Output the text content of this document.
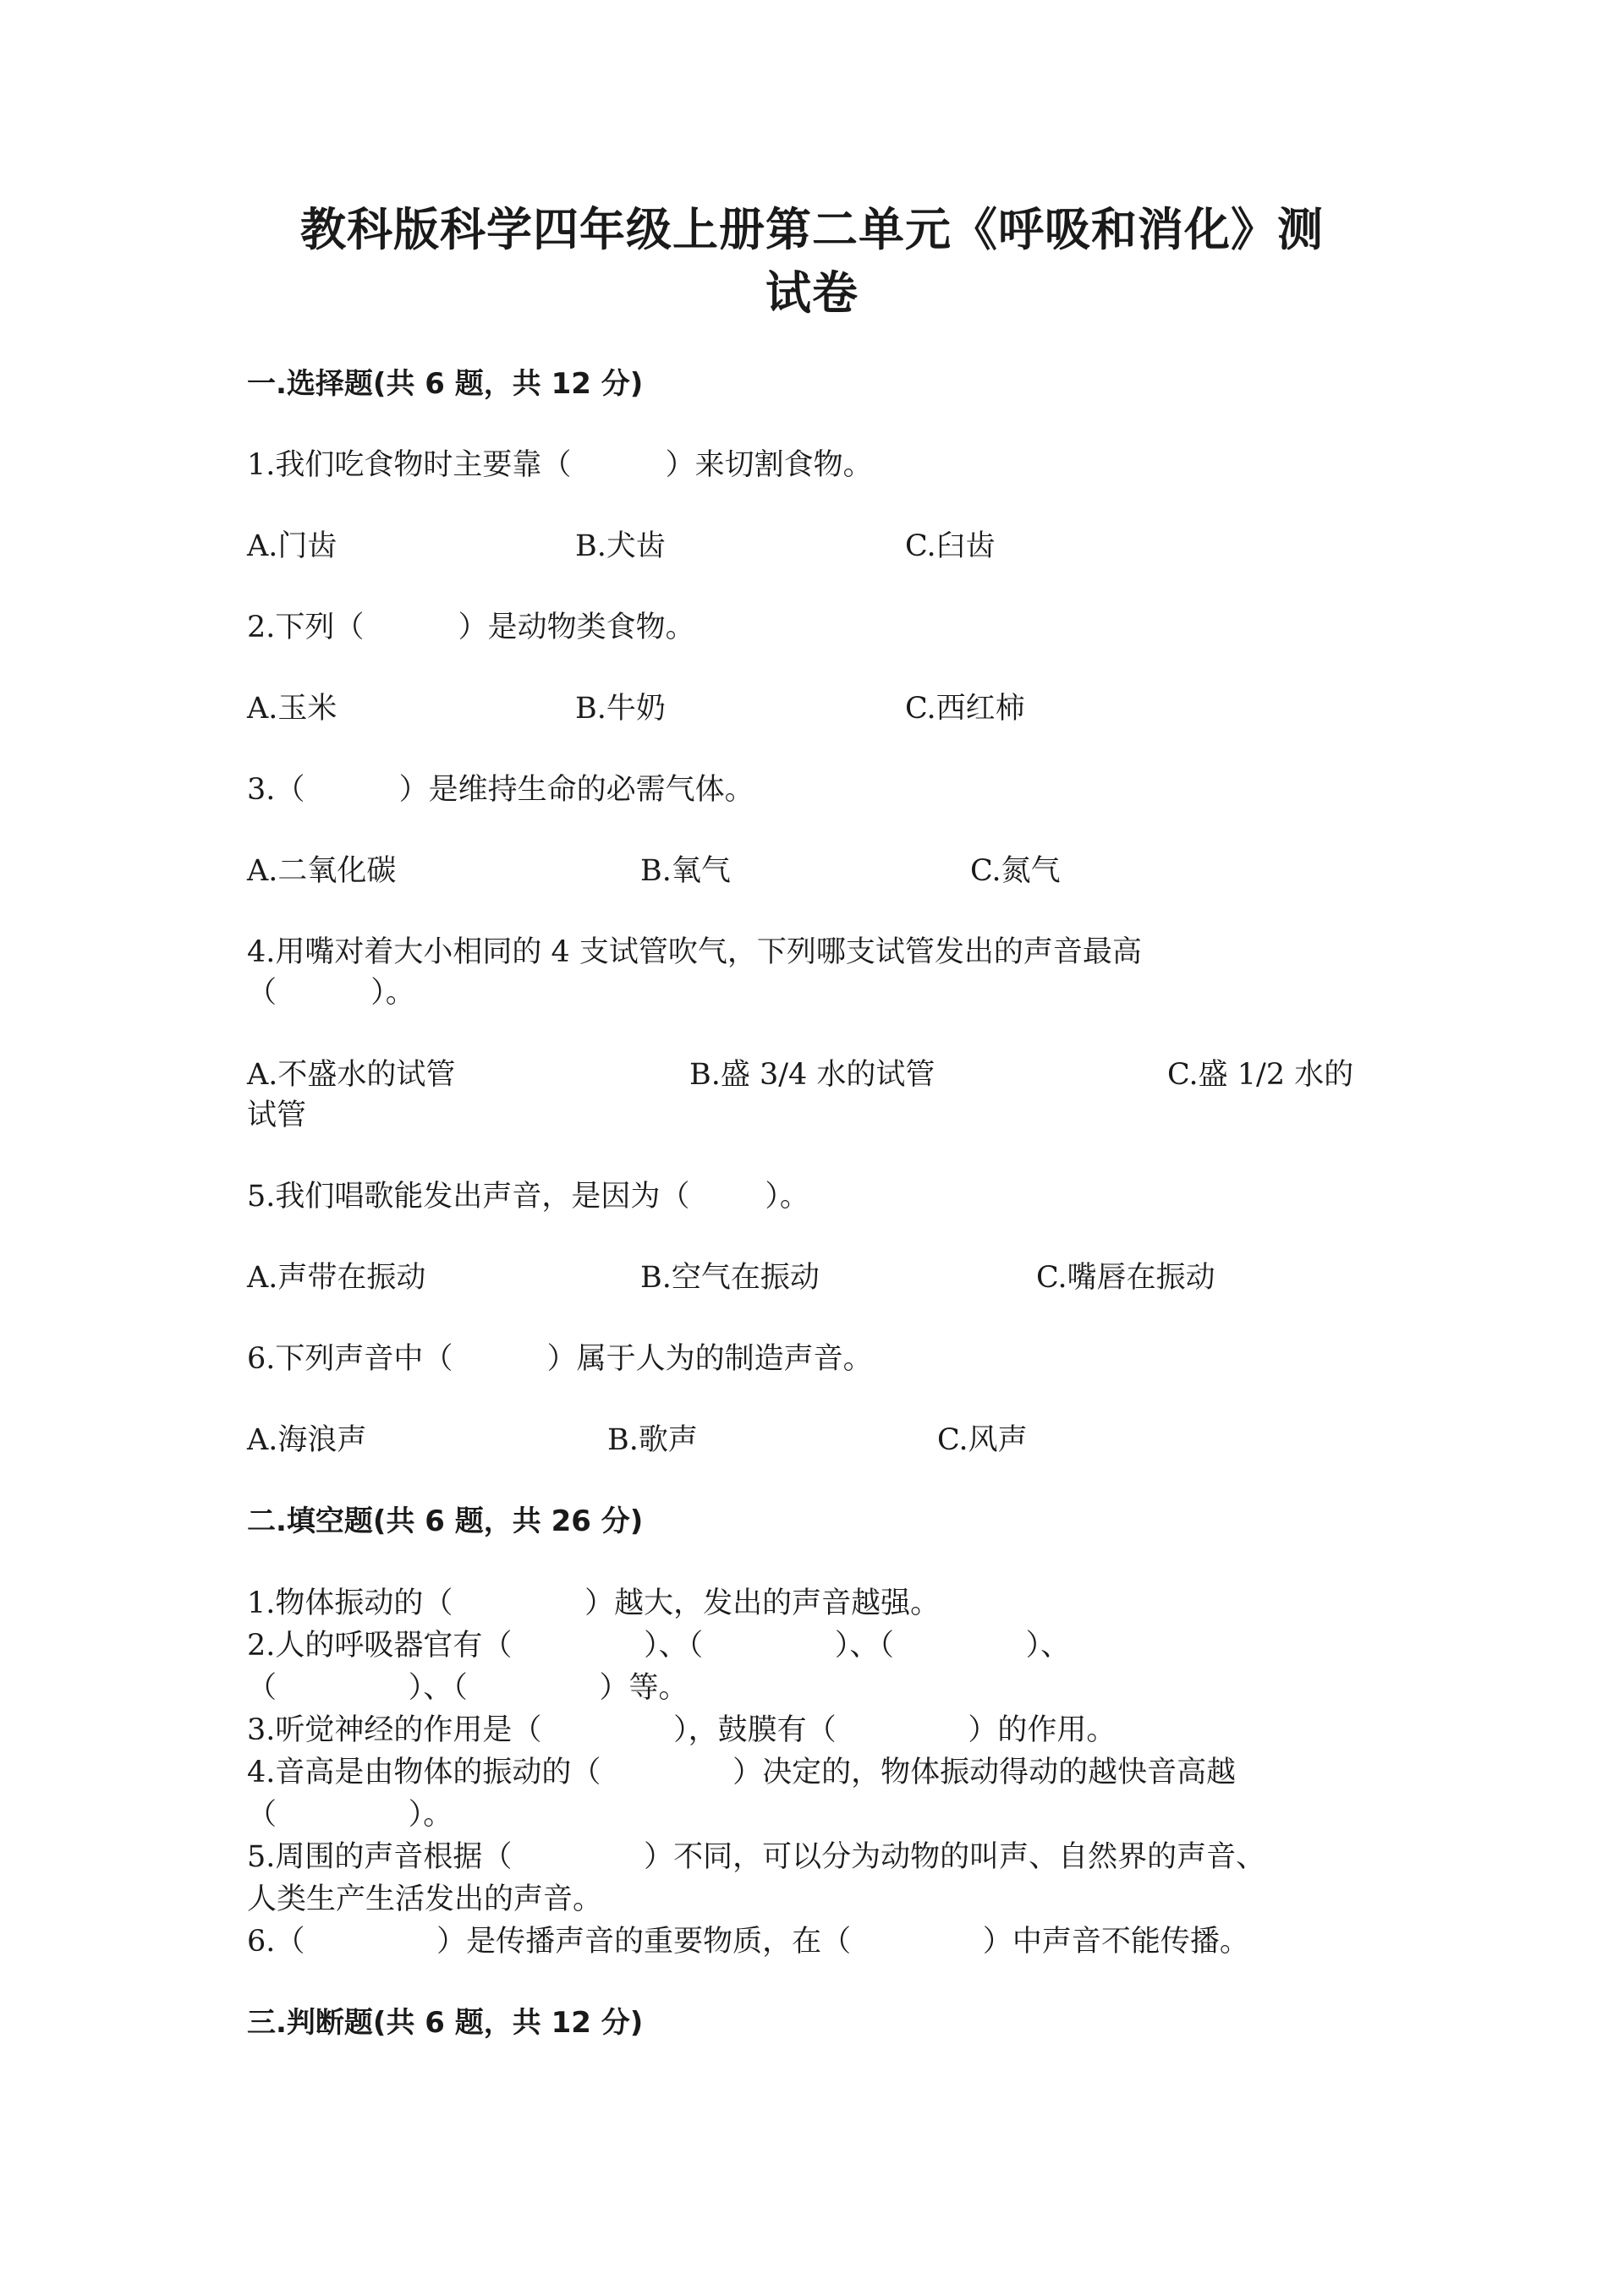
教科版科学四年级上册第二单元《呼吸和消化》测
试卷
一.选择题(共 6 题，共 12 分)
1.我们吃食物时主要靠（          ）来切割食物。
A.门齿	B.犬齿	C.臼齿
2.下列（          ）是动物类食物。
A.玉米	B.牛奶	C.西红柿
3.（          ）是维持生命的必需气体。
A.二氧化碳	B.氧气	C.氮气
4.用嘴对着大小相同的 4 支试管吹气，下列哪支试管发出的声音最高
（          ）。
A.不盛水的试管	B.盛 3/4 水的试管	C.盛 1/2 水的
试管
5.我们唱歌能发出声音，是因为（        ）。
A.声带在振动	B.空气在振动	C.嘴唇在振动
6.下列声音中（          ）属于人为的制造声音。
A.海浪声	B.歌声	C.风声
二.填空题(共 6 题，共 26 分)
1.物体振动的（              ）越大，发出的声音越强。
2.人的呼吸器官有（              ）、（              ）、（              ）、
（              ）、（              ）等。
3.听觉神经的作用是（              ），鼓膜有（              ）的作用。
4.音高是由物体的振动的（              ）决定的，物体振动得动的越快音高越
（              ）。
5.周围的声音根据（              ）不同，可以分为动物的叫声、自然界的声音、
人类生产生活发出的声音。
6.（              ）是传播声音的重要物质，在（              ）中声音不能传播。
三.判断题(共 6 题，共 12 分)
